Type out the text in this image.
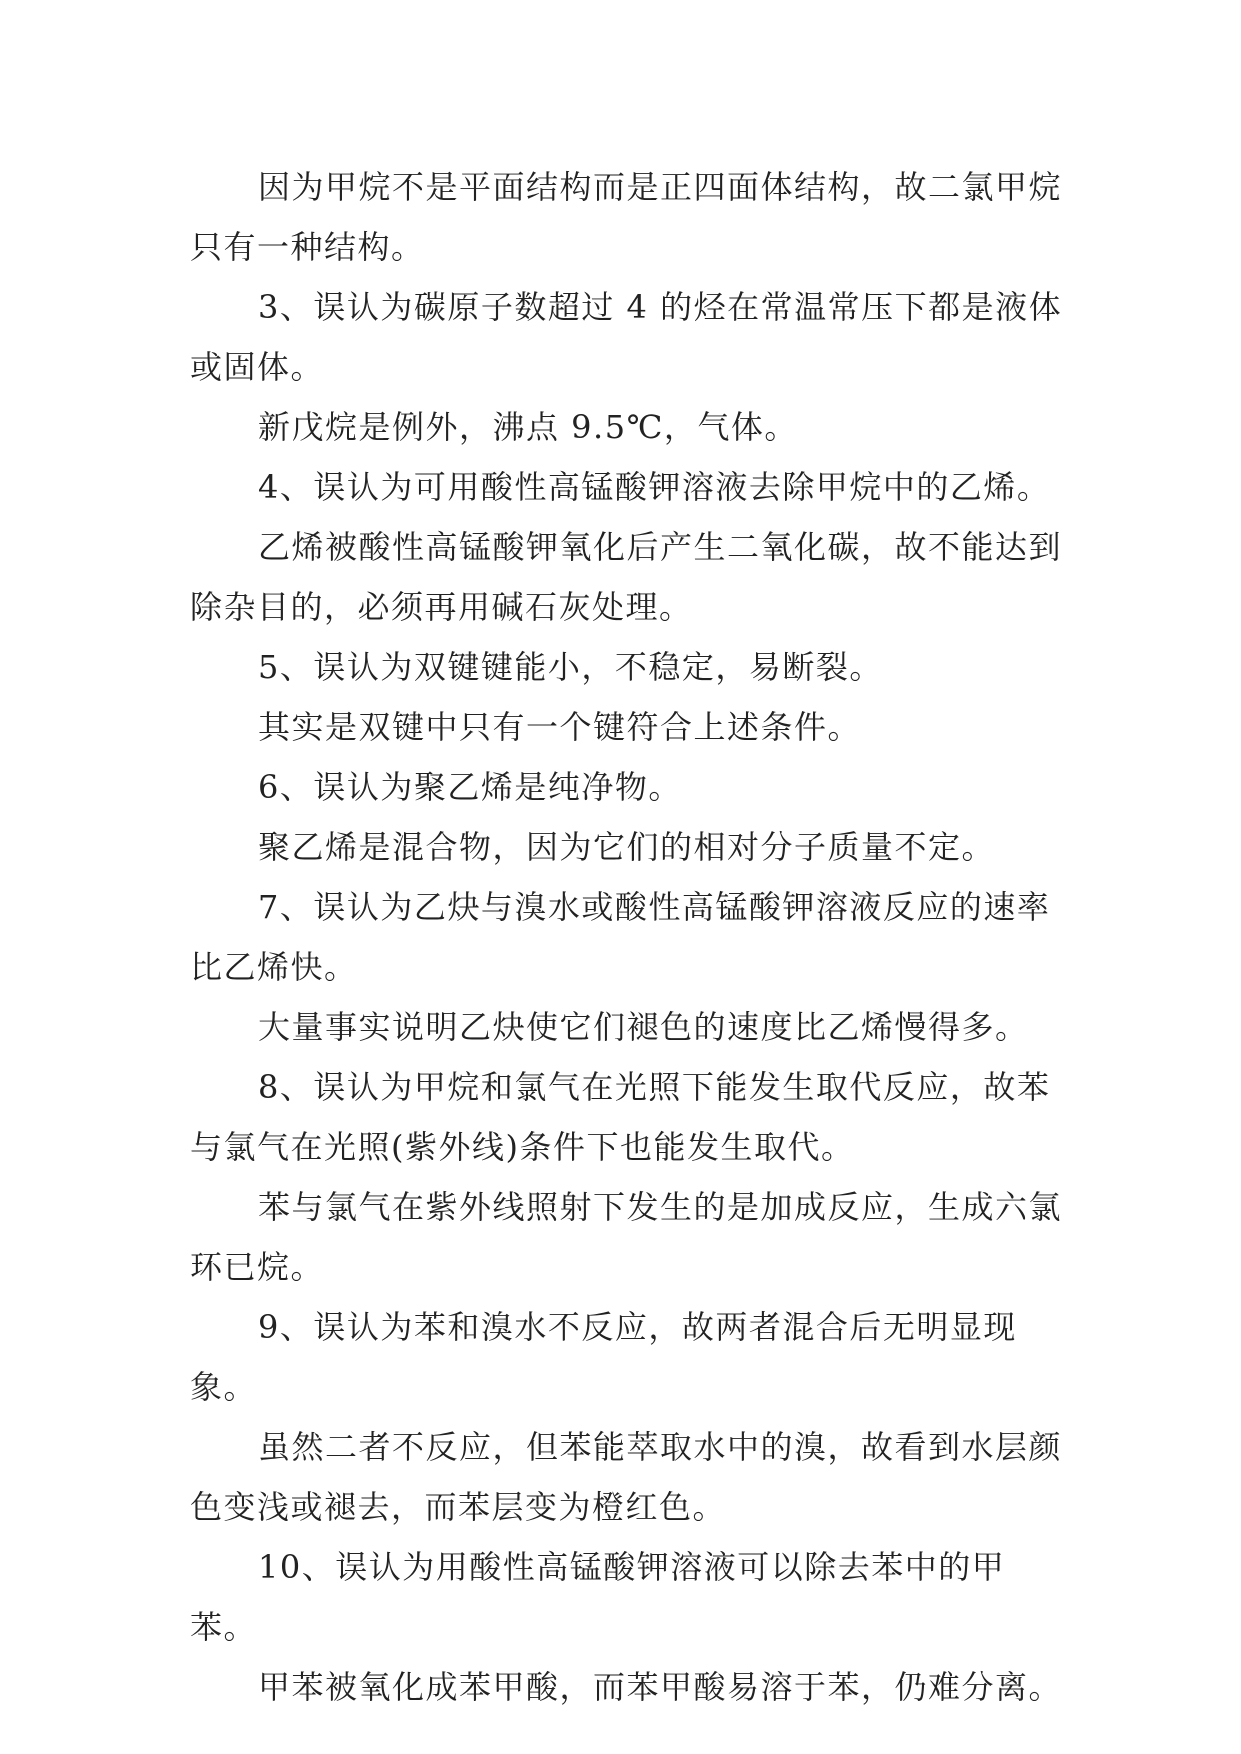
因为甲烷不是平面结构而是正四面体结构，故二氯甲烷只有一种结构。

3、误认为碳原子数超过 4 的烃在常温常压下都是液体或固体。

新戊烷是例外，沸点 9.5℃，气体。

4、误认为可用酸性高锰酸钾溶液去除甲烷中的乙烯。

乙烯被酸性高锰酸钾氧化后产生二氧化碳，故不能达到除杂目的，必须再用碱石灰处理。

5、误认为双键键能小，不稳定，易断裂。

其实是双键中只有一个键符合上述条件。

6、误认为聚乙烯是纯净物。

聚乙烯是混合物，因为它们的相对分子质量不定。

7、误认为乙炔与溴水或酸性高锰酸钾溶液反应的速率比乙烯快。

大量事实说明乙炔使它们褪色的速度比乙烯慢得多。

8、误认为甲烷和氯气在光照下能发生取代反应，故苯与氯气在光照(紫外线)条件下也能发生取代。

苯与氯气在紫外线照射下发生的是加成反应，生成六氯环已烷。

9、误认为苯和溴水不反应，故两者混合后无明显现象。

虽然二者不反应，但苯能萃取水中的溴，故看到水层颜色变浅或褪去，而苯层变为橙红色。

10、误认为用酸性高锰酸钾溶液可以除去苯中的甲苯。

甲苯被氧化成苯甲酸，而苯甲酸易溶于苯，仍难分离。
